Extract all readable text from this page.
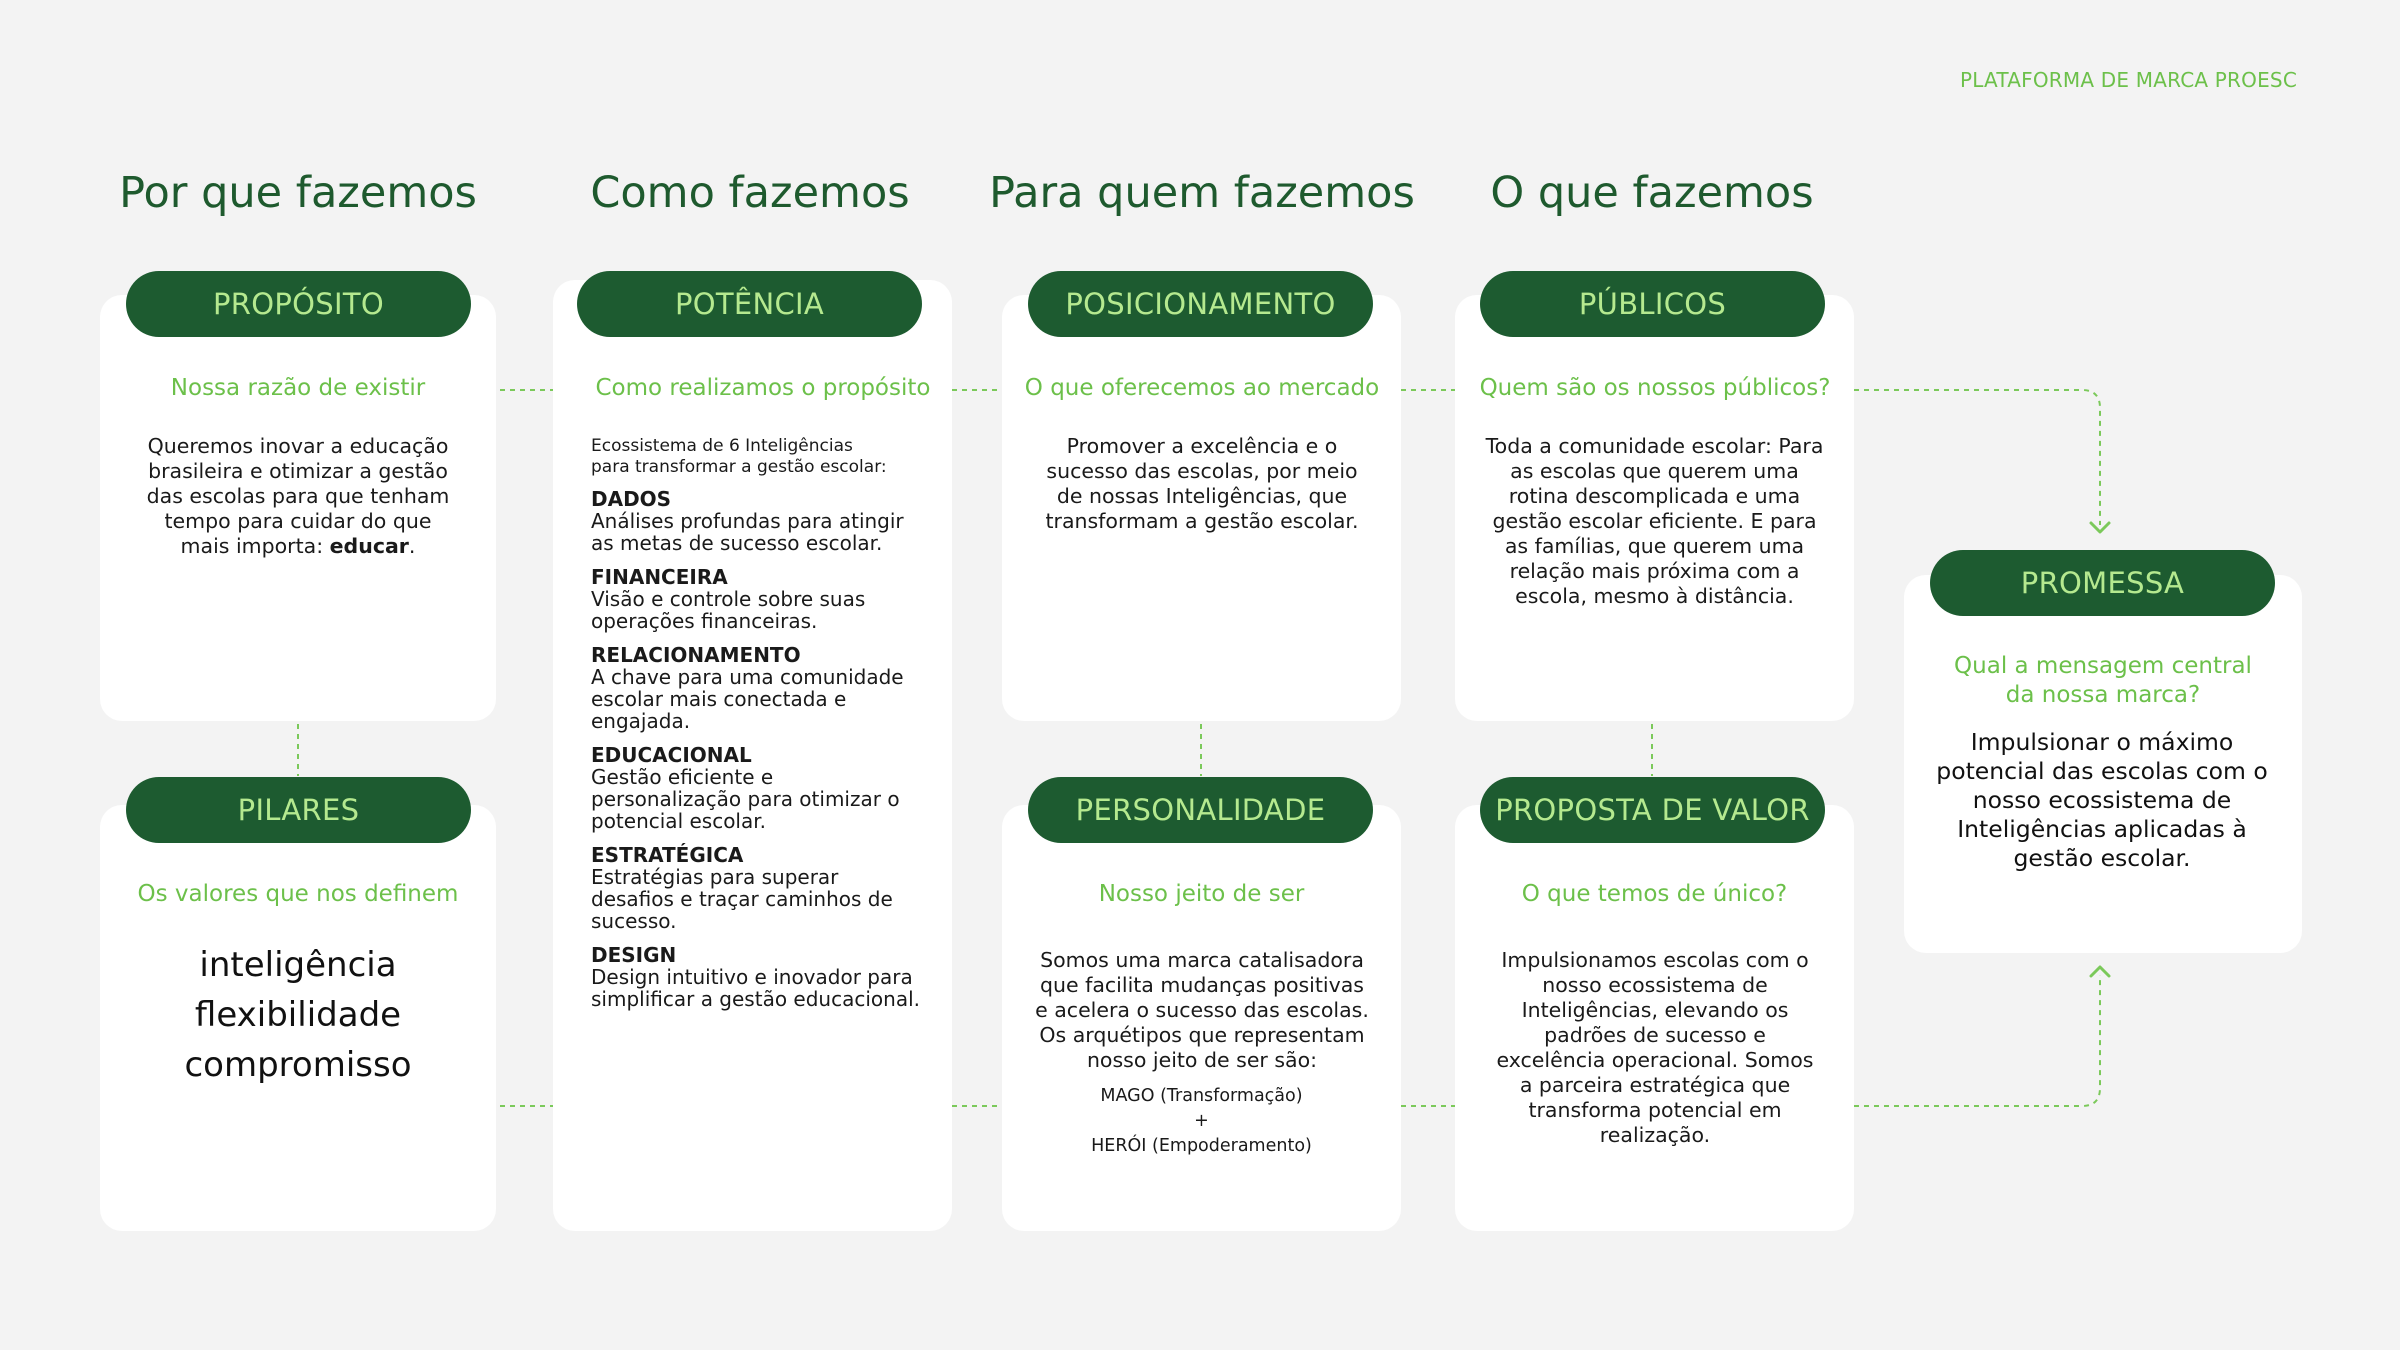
PLATAFORMA DE MARCA PROESC
Por que fazemos	Como fazemos	Para quem fazemos	O que fazemos
PROPÓSITO
Nossa razão de existir
Queremos inovar a educação brasileira e otimizar a gestão das escolas para que tenham tempo para cuidar do que mais importa: educar.
PILARES
Os valores que nos definem
inteligência
flexibilidade
compromisso
POTÊNCIA
Como realizamos o propósito
Ecossistema de 6 Inteligências
para transformar a gestão escolar:
DADOS
Análises profundas para atingir as metas de sucesso escolar.
FINANCEIRA
Visão e controle sobre suas operações financeiras.
RELACIONAMENTO
A chave para uma comunidade escolar mais conectada e engajada.
EDUCACIONAL
Gestão eficiente e personalização para otimizar o potencial escolar.
ESTRATÉGICA
Estratégias para superar desafios e traçar caminhos de sucesso.
DESIGN
Design intuitivo e inovador para simplificar a gestão educacional.
POSICIONAMENTO
O que oferecemos ao mercado
Promover a excelência e o sucesso das escolas, por meio de nossas Inteligências, que transformam a gestão escolar.
PERSONALIDADE
Nosso jeito de ser
Somos uma marca catalisadora que facilita mudanças positivas e acelera o sucesso das escolas. Os arquétipos que representam nosso jeito de ser são:
MAGO (Transformação)
+
HERÓI (Empoderamento)
PÚBLICOS
Quem são os nossos públicos?
Toda a comunidade escolar: Para as escolas que querem uma rotina descomplicada e uma gestão escolar eficiente. E para as famílias, que querem uma relação mais próxima com a escola, mesmo à distância.
PROPOSTA DE VALOR
O que temos de único?
Impulsionamos escolas com o nosso ecossistema de Inteligências, elevando os padrões de sucesso e excelência operacional. Somos a parceira estratégica que transforma potencial em realização.
PROMESSA
Qual a mensagem central
da nossa marca?
Impulsionar o máximo potencial das escolas com o nosso ecossistema de Inteligências aplicadas à gestão escolar.
